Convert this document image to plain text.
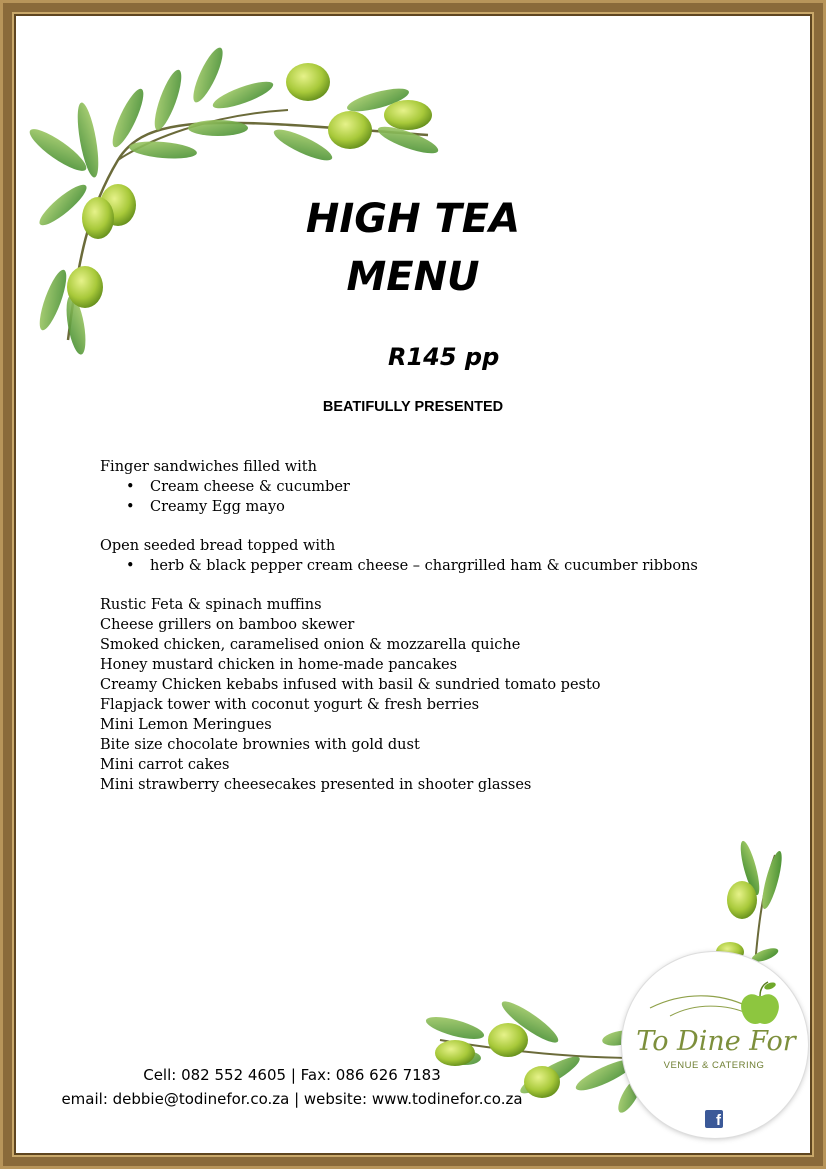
HIGH TEA
MENU
R145 pp
BEATIFULLY PRESENTED

Finger sandwiches filled with

• Cream cheese & cucumber
• Creamy Egg mayo

Open seeded bread topped with

• herb & black pepper cream cheese – chargrilled ham & cucumber ribbons

Rustic Feta & spinach muffins

Cheese grillers on bamboo skewer

Smoked chicken, caramelised onion & mozzarella quiche

Honey mustard chicken in home-made pancakes

Creamy Chicken kebabs infused with basil & sundried tomato pesto

Flapjack tower with coconut yogurt & fresh berries

Mini Lemon Meringues

Bite size chocolate brownies with gold dust

Mini carrot cakes

Mini strawberry cheesecakes presented in shooter glasses

Cell: 082 552 4605 | Fax: 086 626 7183
email: debbie@todinefor.co.za | website: www.todinefor.co.za
To Dine For
VENUE & CATERING
f
